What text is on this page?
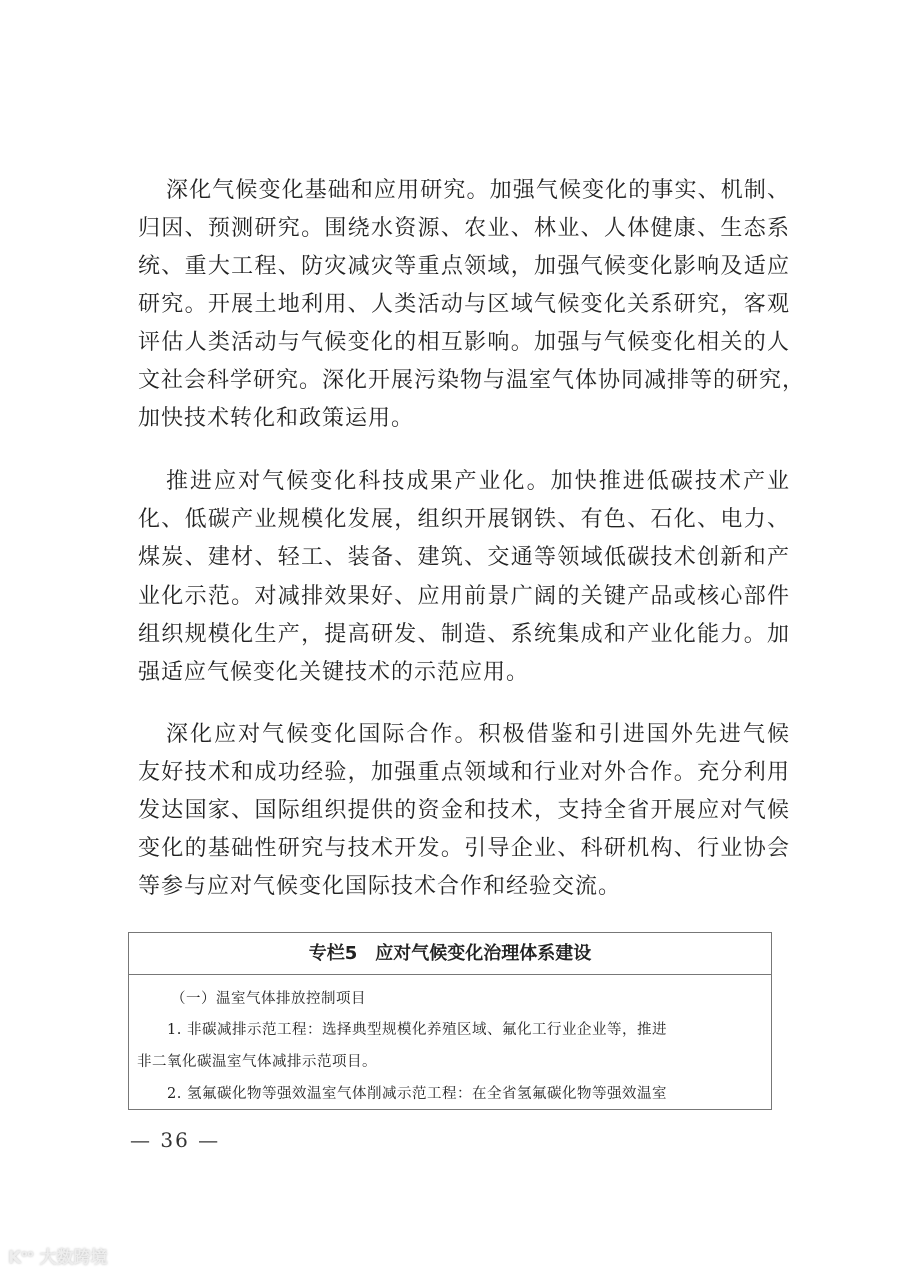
深化气候变化基础和应用研究。加强气候变化的事实、机制、
归因、预测研究。围绕水资源、农业、林业、人体健康、生态系
统、重大工程、防灾减灾等重点领域，加强气候变化影响及适应
研究。开展土地利用、人类活动与区域气候变化关系研究，客观
评估人类活动与气候变化的相互影响。加强与气候变化相关的人
文社会科学研究。深化开展污染物与温室气体协同减排等的研究，
加快技术转化和政策运用。
推进应对气候变化科技成果产业化。加快推进低碳技术产业
化、低碳产业规模化发展，组织开展钢铁、有色、石化、电力、
煤炭、建材、轻工、装备、建筑、交通等领域低碳技术创新和产
业化示范。对减排效果好、应用前景广阔的关键产品或核心部件
组织规模化生产，提高研发、制造、系统集成和产业化能力。加
强适应气候变化关键技术的示范应用。
深化应对气候变化国际合作。积极借鉴和引进国外先进气候
友好技术和成功经验，加强重点领域和行业对外合作。充分利用
发达国家、国际组织提供的资金和技术，支持全省开展应对气候
变化的基础性研究与技术开发。引导企业、科研机构、行业协会
等参与应对气候变化国际技术合作和经验交流。
专栏5　应对气候变化治理体系建设
（一）温室气体排放控制项目
1. 非碳减排示范工程：选择典型规模化养殖区域、氟化工行业企业等，推进
非二氧化碳温室气体减排示范项目。
2. 氢氟碳化物等强效温室气体削减示范工程：在全省氢氟碳化物等强效温室
— 36 —
$K^{oo}$ 大数跨境
